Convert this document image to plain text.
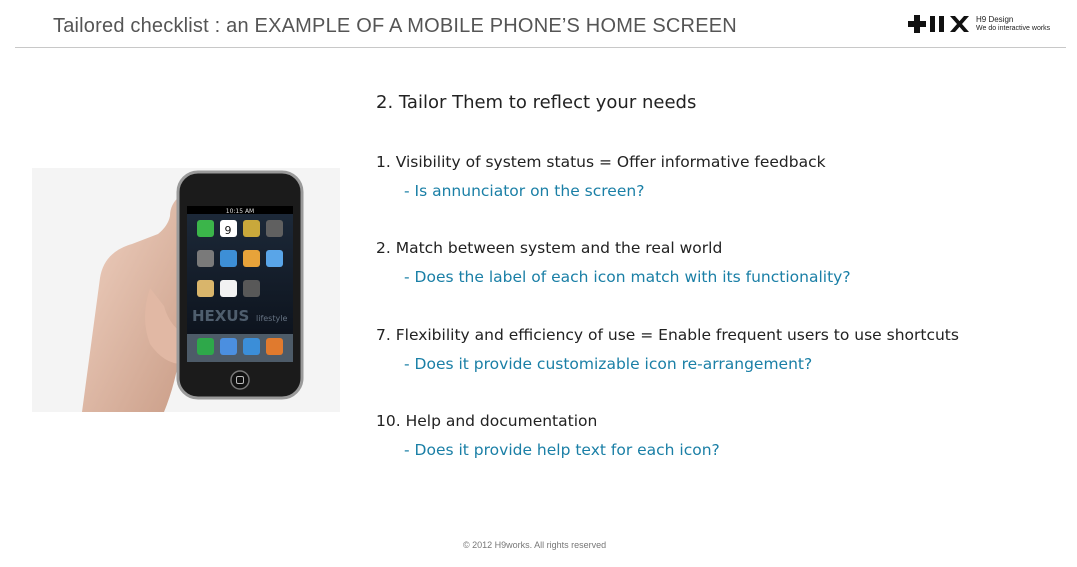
Tailored checklist : an EXAMPLE OF A MOBILE PHONE’S HOME SCREEN	H9 Design
We do interactive works
10:15 AM
9
HEXUS lifestyle
2. Tailor Them to reflect your needs
1. Visibility of system status = Offer informative feedback
- Is annunciator on the screen?
2. Match between system and the real world
- Does the label of each icon match with its functionality?
7. Flexibility and efficiency of use = Enable frequent users to use shortcuts
- Does it provide customizable icon re-arrangement?
10. Help and documentation
- Does it provide help text for each icon?
© 2012 H9works. All rights reserved
